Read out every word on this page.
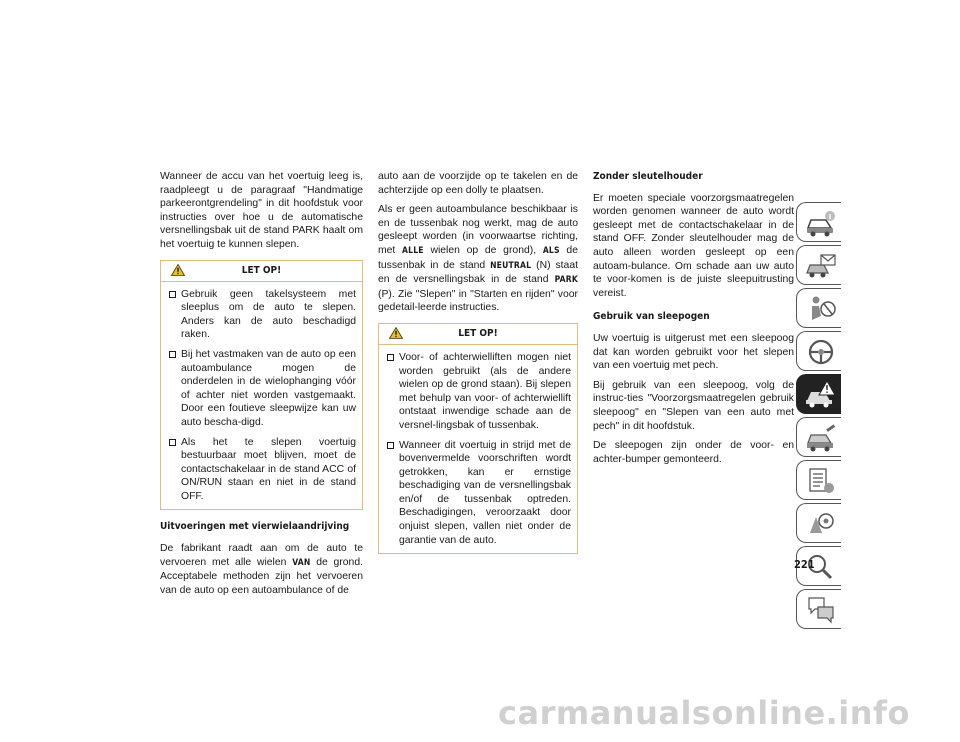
Wanneer de accu van het voertuig leeg is, raadpleegt u de paragraaf "Handmatige parkeerontgrendeling" in dit hoofdstuk voor instructies over hoe u de automatische versnellingsbak uit de stand PARK haalt om het voertuig te kunnen slepen.

LET OP!
Gebruik geen takelsysteem met sleeplus om de auto te slepen. Anders kan de auto beschadigd raken.
Bij het vastmaken van de auto op een autoambulance mogen de onderdelen in de wielophanging vóór of achter niet worden vastgemaakt. Door een foutieve sleepwijze kan uw auto bescha-digd.
Als het te slepen voertuig bestuurbaar moet blijven, moet de contactschakelaar in de stand ACC of ON/RUN staan en niet in de stand OFF.
Uitvoeringen met vierwielaandrijving

De fabrikant raadt aan om de auto te vervoeren met alle wielen VAN de grond. Acceptabele methoden zijn het vervoeren van de auto op een autoambulance of de

auto aan de voorzijde op te takelen en de achterzijde op een dolly te plaatsen.

Als er geen autoambulance beschikbaar is en de tussenbak nog werkt, mag de auto gesleept worden (in voorwaartse richting, met ALLE wielen op de grond), ALS de tussenbak in de stand NEUTRAL (N) staat en de versnellingsbak in de stand PARK (P). Zie "Slepen" in "Starten en rijden" voor gedetail-leerde instructies.

LET OP!
Voor- of achterwielliften mogen niet worden gebruikt (als de andere wielen op de grond staan). Bij slepen met behulp van voor- of achterwiellift ontstaat inwendige schade aan de versnel-lingsbak of tussenbak.
Wanneer dit voertuig in strijd met de bovenvermelde voorschriften wordt getrokken, kan er ernstige beschadiging van de versnellingsbak en/of de tussenbak optreden. Beschadigingen, veroorzaakt door onjuist slepen, vallen niet onder de garantie van de auto.
Zonder sleutelhouder

Er moeten speciale voorzorgsmaatregelen worden genomen wanneer de auto wordt gesleept met de contactschakelaar in de stand OFF. Zonder sleutelhouder mag de auto alleen worden gesleept op een autoam-bulance. Om schade aan uw auto te voor-komen is de juiste sleepuitrusting vereist.

Gebruik van sleepogen

Uw voertuig is uitgerust met een sleepoog dat kan worden gebruikt voor het slepen van een voertuig met pech.

Bij gebruik van een sleepoog, volg de instruc-ties "Voorzorgsmaatregelen gebruik sleepoog" en "Slepen van een auto met pech" in dit hoofdstuk.

De sleepogen zijn onder de voor- en achter-bumper gemonteerd.

221
carmanualsonline.info
